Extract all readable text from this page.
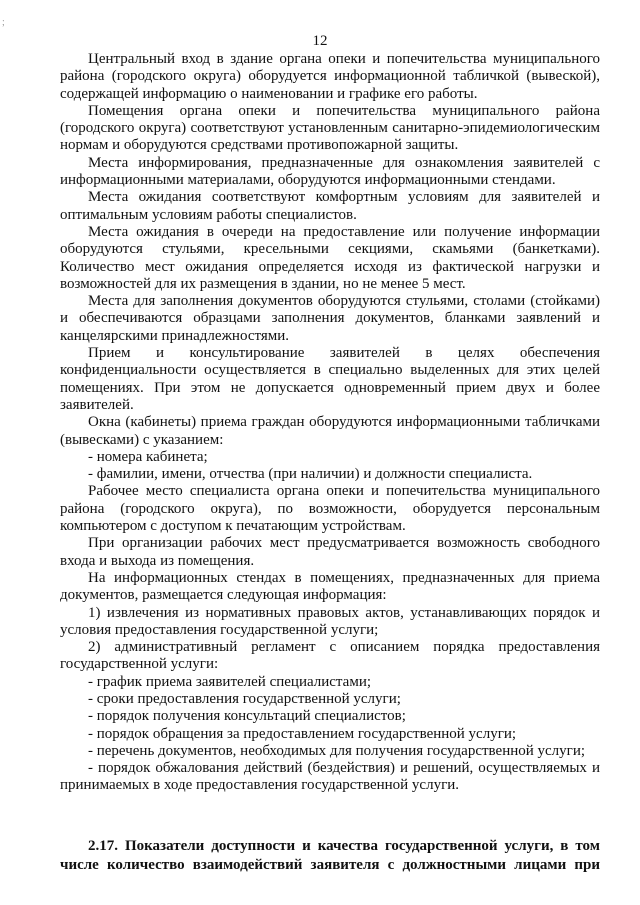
;
12

Центральный вход в здание органа опеки и попечительства муниципального района (городского округа) оборудуется информационной табличкой (вывеской), содержащей информацию о наименовании и графике его работы.

Помещения органа опеки и попечительства муниципального района (городского округа) соответствуют установленным санитарно-эпидемиологическим нормам и оборудуются средствами противопожарной защиты.

Места информирования, предназначенные для ознакомления заявителей с информационными материалами, оборудуются информационными стендами.

Места ожидания соответствуют комфортным условиям для заявителей и оптимальным условиям работы специалистов.

Места ожидания в очереди на предоставление или получение информации оборудуются стульями, кресельными секциями, скамьями (банкетками). Количество мест ожидания определяется исходя из фактической нагрузки и возможностей для их размещения в здании, но не менее 5 мест.

Места для заполнения документов оборудуются стульями, столами (стойками) и обеспечиваются образцами заполнения документов, бланками заявлений и канцелярскими принадлежностями.

Прием и консультирование заявителей в целях обеспечения конфиденциальности осуществляется в специально выделенных для этих целей помещениях. При этом не допускается одновременный прием двух и более заявителей.

Окна (кабинеты) приема граждан оборудуются информационными табличками (вывесками) с указанием:

- номера кабинета;

- фамилии, имени, отчества (при наличии) и должности специалиста.

Рабочее место специалиста органа опеки и попечительства муниципального района (городского округа), по возможности, оборудуется персональным компьютером с доступом к печатающим устройствам.

При организации рабочих мест предусматривается возможность свободного входа и выхода из помещения.

На информационных стендах в помещениях, предназначенных для приема документов, размещается следующая информация:

1) извлечения из нормативных правовых актов, устанавливающих порядок и условия предоставления государственной услуги;

2) административный регламент с описанием порядка предоставления государственной услуги:

- график приема заявителей специалистами;

- сроки предоставления государственной услуги;

- порядок получения консультаций специалистов;

- порядок обращения за предоставлением государственной услуги;

- перечень документов, необходимых для получения государственной услуги;

- порядок обжалования действий (бездействия) и решений, осуществляемых и принимаемых в ходе предоставления государственной услуги.

2.17. Показатели доступности и качества государственной услуги, в том числе количество взаимодействий заявителя с должностными лицами при
